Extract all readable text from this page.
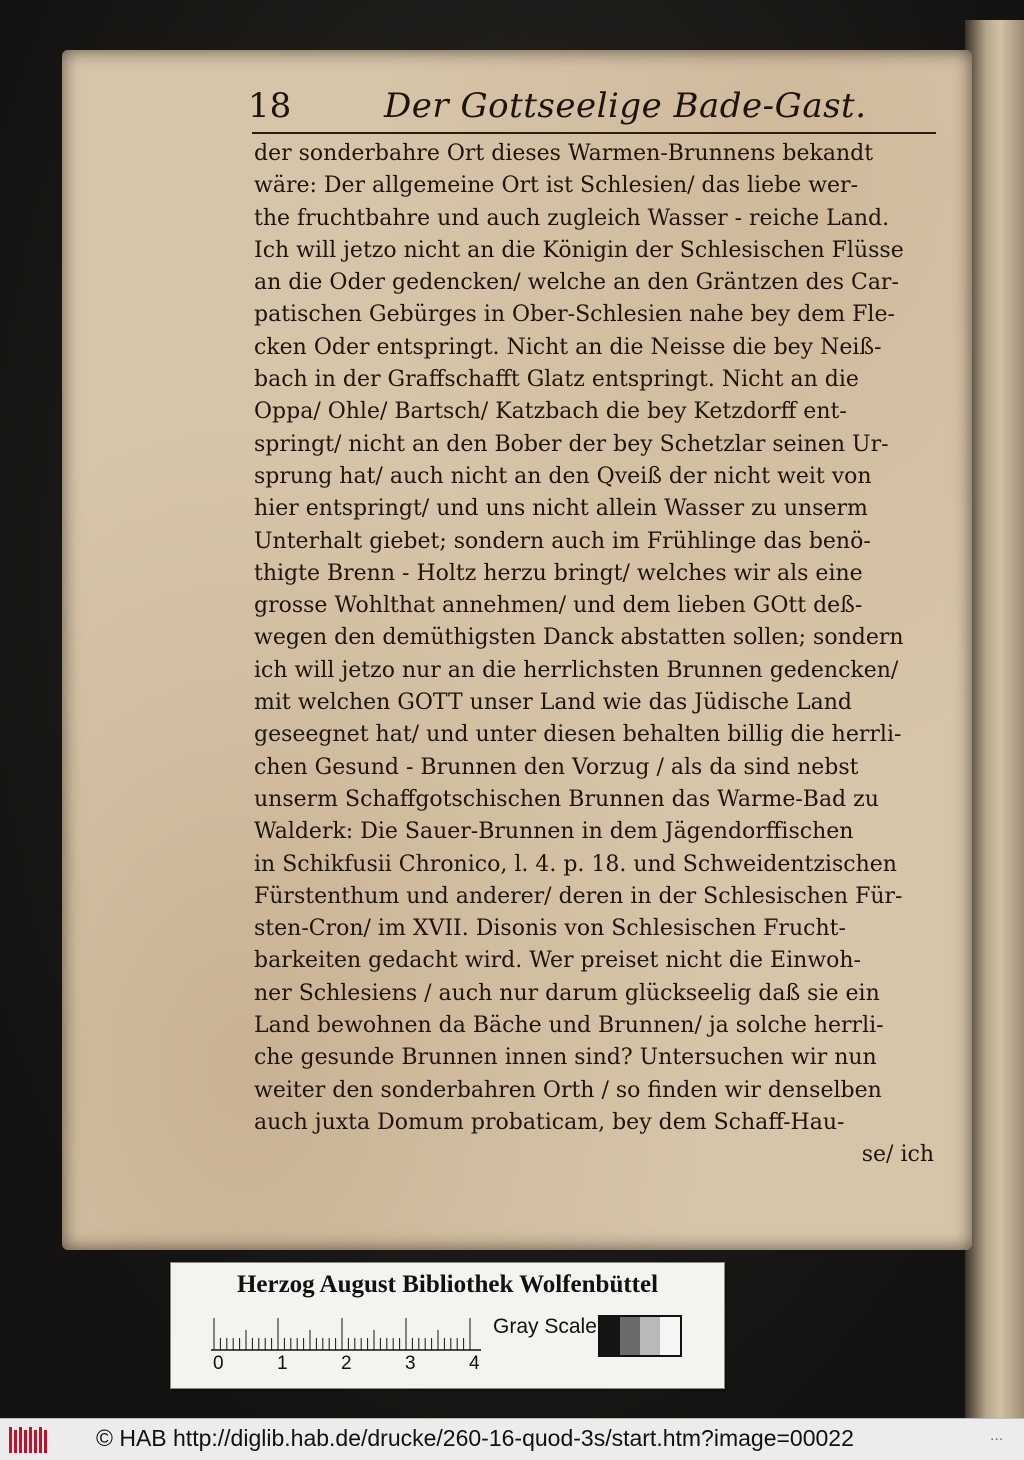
18	Der Gottseelige Bade-Gast.
der sonderbahre Ort dieses Warmen-Brunnens bekandt
wäre: Der allgemeine Ort ist Schlesien/ das liebe wer-
the fruchtbahre und auch zugleich Wasser - reiche Land.
Ich will jetzo nicht an die Königin der Schlesischen Flüsse
an die Oder gedencken/ welche an den Gräntzen des Car-
patischen Gebürges in Ober-Schlesien nahe bey dem Fle-
cken Oder entspringt. Nicht an die Neisse die bey Neiß-
bach in der Graffschafft Glatz entspringt. Nicht an die
Oppa/ Ohle/ Bartsch/ Katzbach die bey Ketzdorff ent-
springt/ nicht an den Bober der bey Schetzlar seinen Ur-
sprung hat/ auch nicht an den Qveiß der nicht weit von
hier entspringt/ und uns nicht allein Wasser zu unserm
Unterhalt giebet; sondern auch im Frühlinge das benö-
thigte Brenn - Holtz herzu bringt/ welches wir als eine
grosse Wohlthat annehmen/ und dem lieben GOtt deß-
wegen den demüthigsten Danck abstatten sollen; sondern
ich will jetzo nur an die herrlichsten Brunnen gedencken/
mit welchen GOTT unser Land wie das Jüdische Land
geseegnet hat/ und unter diesen behalten billig die herrli-
chen Gesund - Brunnen den Vorzug / als da sind nebst
unserm Schaffgotschischen Brunnen das Warme-Bad zu
Walderk: Die Sauer-Brunnen in dem Jägendorffischen
in Schikfusii Chronico, l. 4. p. 18. und Schweidentzischen
Fürstenthum und anderer/ deren in der Schlesischen Für-
sten-Cron/ im XVII. Disonis von Schlesischen Frucht-
barkeiten gedacht wird. Wer preiset nicht die Einwoh-
ner Schlesiens / auch nur darum glückseelig daß sie ein
Land bewohnen da Bäche und Brunnen/ ja solche herrli-
che gesunde Brunnen innen sind? Untersuchen wir nun
weiter den sonderbahren Orth / so finden wir denselben
auch juxta Domum probaticam, bey dem Schaff-Hau-
se/ ich
Herzog August Bibliothek Wolfenbüttel
0	1	2	3	4
Gray Scale
© HAB http://diglib.hab.de/drucke/260-16-quod-3s/start.htm?image=00022	...
